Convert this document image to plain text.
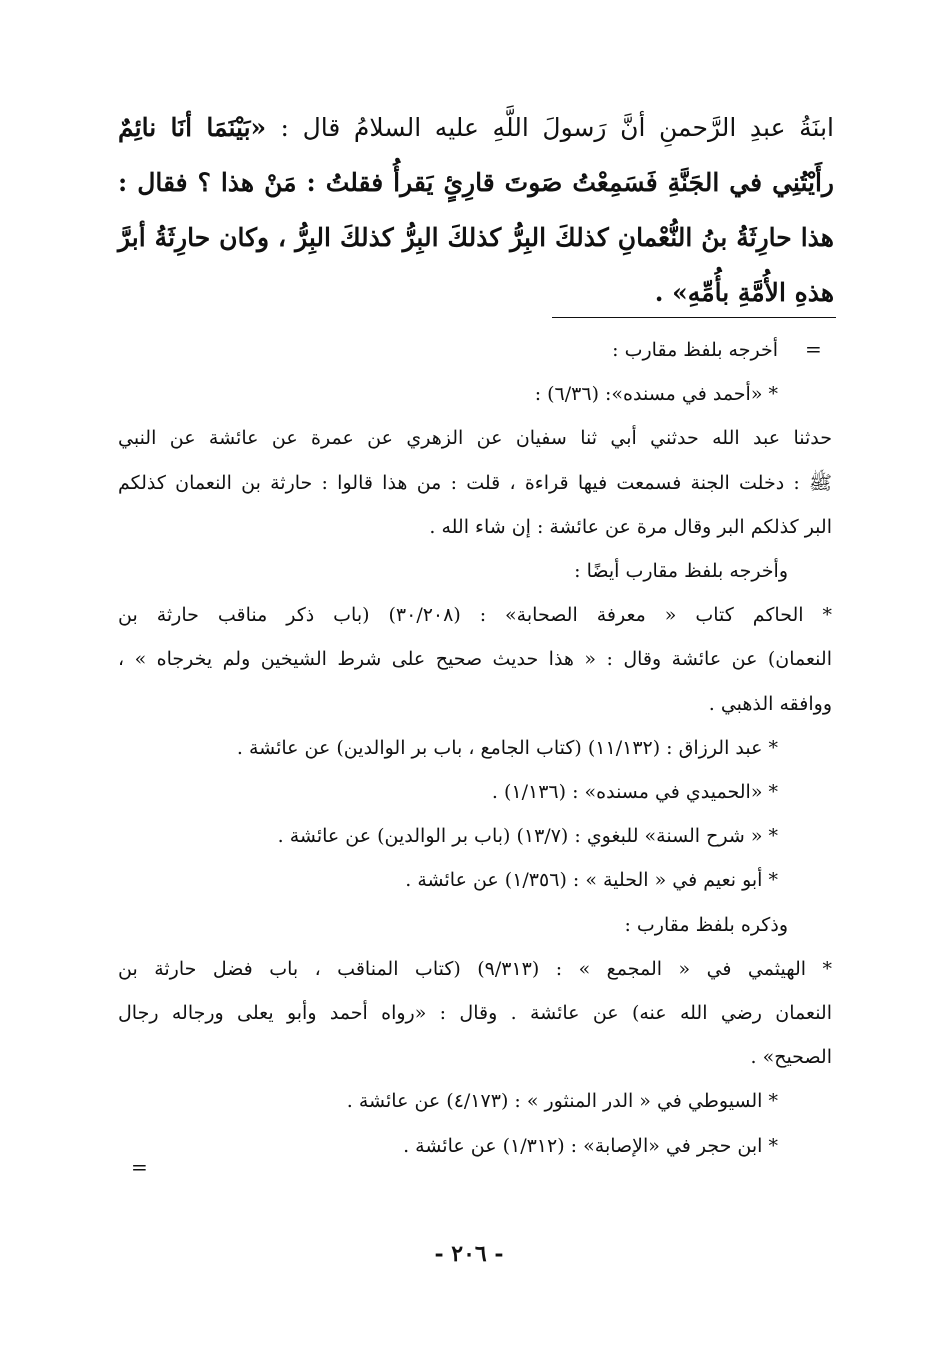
ابنَةُ عبدِ الرَّحمنِ أنَّ رَسولَ اللَّهِ عليه السلامُ قال : «بَيْنَمَا أنَا نائِمٌ رأَيْتُنِي في الجَنَّةِ فَسَمِعْتُ صَوتَ قارِئٍ يَقرأُ فقلتُ : مَنْ هذا ؟ فقال : هذا حارِثَةُ بنُ النُّعْمانِ كذلكَ البِرُّ كذلكَ البِرُّ كذلكَ البِرُّ ، وكان حارِثَةُ أبرَّ هذهِ الأُمَّةِ بأُمِّهِ» .
=
أخرجه بلفظ مقارب :
* «أحمد في مسنده»: (٦/٣٦) :
حدثنا عبد الله حدثني أبي ثنا سفيان عن الزهري عن عمرة عن عائشة عن النبي
ﷺ : دخلت الجنة فسمعت فيها قراءة ، قلت : من هذا قالوا : حارثة بن النعمان كذلكم
البر كذلكم البر وقال مرة عن عائشة : إن شاء الله .
وأخرجه بلفظ مقارب أيضًا :
* الحاكم كتاب « معرفة الصحابة» : (٣٠/٢٠٨) (باب ذكر مناقب حارثة بن
النعمان) عن عائشة وقال : « هذا حديث صحيح على شرط الشيخين ولم يخرجاه » ،
ووافقه الذهبي .
* عبد الرزاق : (١١/١٣٢) (كتاب الجامع ، باب بر الوالدين) عن عائشة .
* «الحميدي في مسنده» : (١/١٣٦) .
* « شرح السنة» للبغوي : (١٣/٧) (باب بر الوالدين) عن عائشة .
* أبو نعيم في « الحلية » : (١/٣٥٦) عن عائشة .
وذكره بلفظ مقارب :
* الهيثمي في « المجمع » : (٩/٣١٣) (كتاب المناقب ، باب فضل حارثة بن
النعمان رضي الله عنه) عن عائشة . وقال : «رواه أحمد وأبو يعلى ورجاله رجال
الصحيح» .
* السيوطي في « الدر المنثور » : (٤/١٧٣) عن عائشة .
* ابن حجر في «الإصابة» : (١/٣١٢) عن عائشة .
=
- ٢٠٦ -
